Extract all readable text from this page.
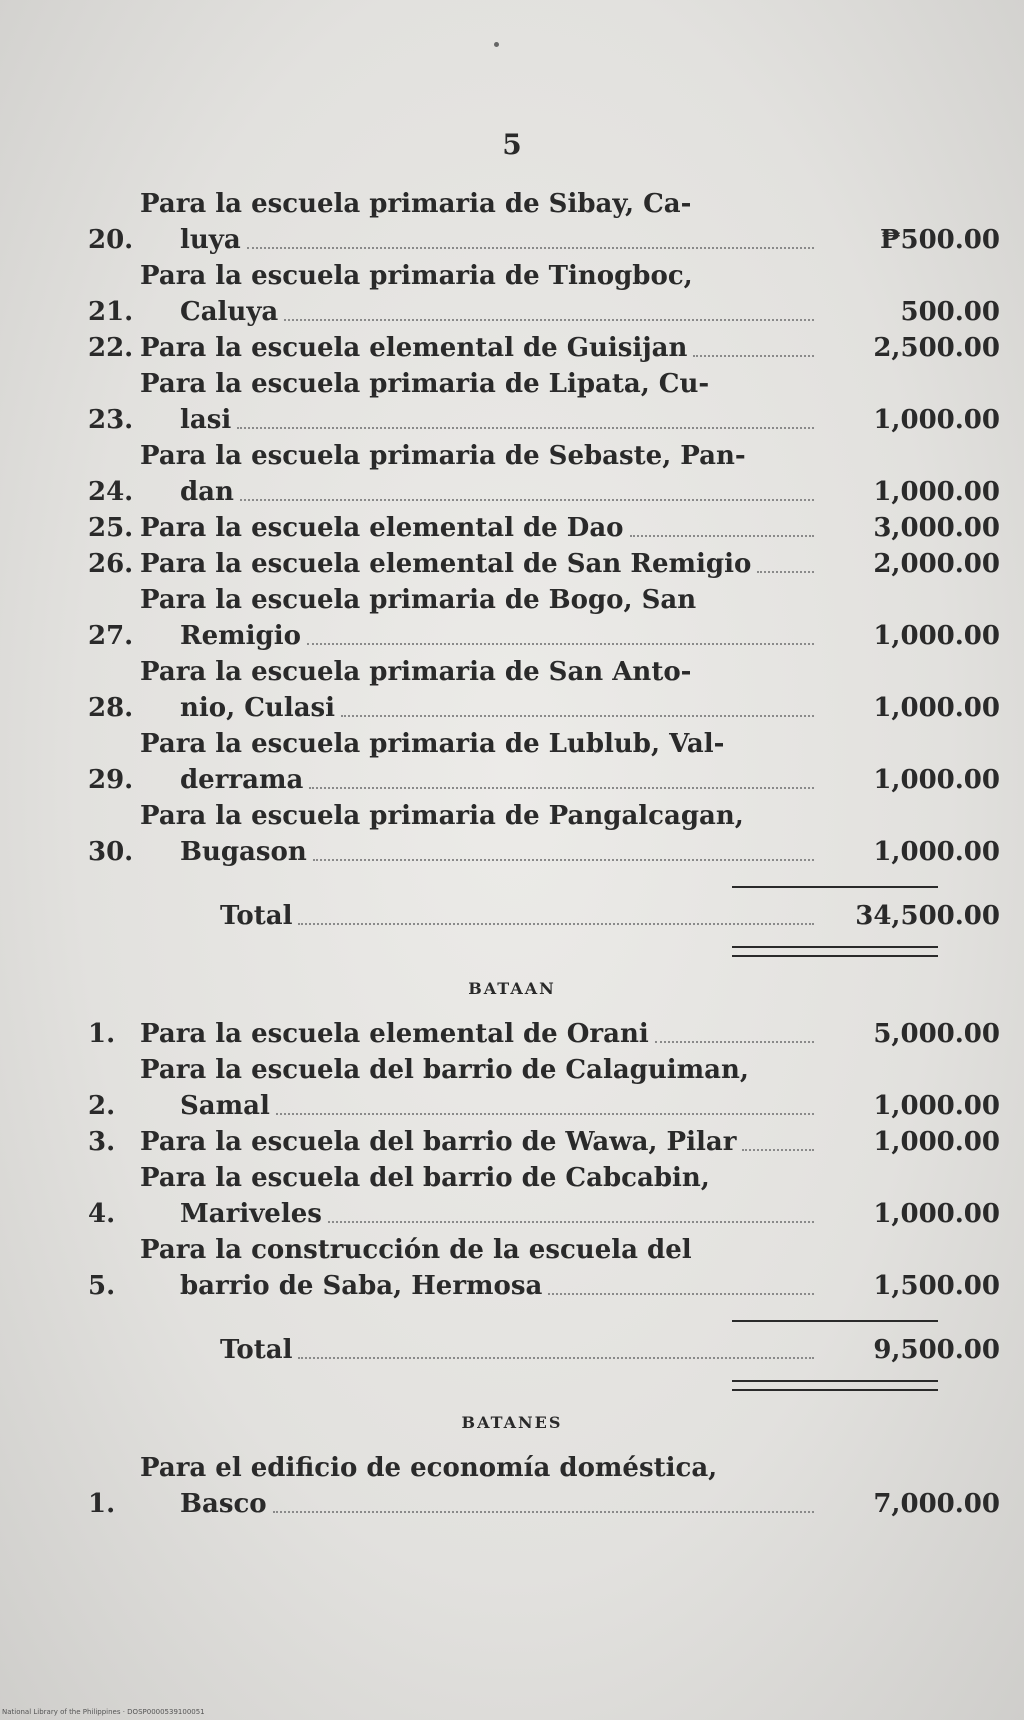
5
20.
Para la escuela primaria de Sibay, Ca-
luya	₱500.00
21.
Para la escuela primaria de Tinogboc,
Caluya	500.00
22. Para la escuela elemental de Guisijan	2,500.00
23.
Para la escuela primaria de Lipata, Cu-
lasi	1,000.00
24.
Para la escuela primaria de Sebaste, Pan-
dan	1,000.00
25. Para la escuela elemental de Dao	3,000.00
26. Para la escuela elemental de San Remigio	2,000.00
27.
Para la escuela primaria de Bogo, San
Remigio	1,000.00
28.
Para la escuela primaria de San Anto-
nio, Culasi	1,000.00
29.
Para la escuela primaria de Lublub, Val-
derrama	1,000.00
30.
Para la escuela primaria de Pangalcagan,
Bugason	1,000.00
Total	34,500.00
BATAAN
1. Para la escuela elemental de Orani	5,000.00
2.
Para la escuela del barrio de Calaguiman,
Samal	1,000.00
3. Para la escuela del barrio de Wawa, Pilar	1,000.00
4.
Para la escuela del barrio de Cabcabin,
Mariveles	1,000.00
5.
Para la construcción de la escuela del
barrio de Saba, Hermosa	1,500.00
Total	9,500.00
BATANES
1.
Para el edificio de economía doméstica,
Basco	7,000.00
National Library of the Philippines · DOSP0000539100051
